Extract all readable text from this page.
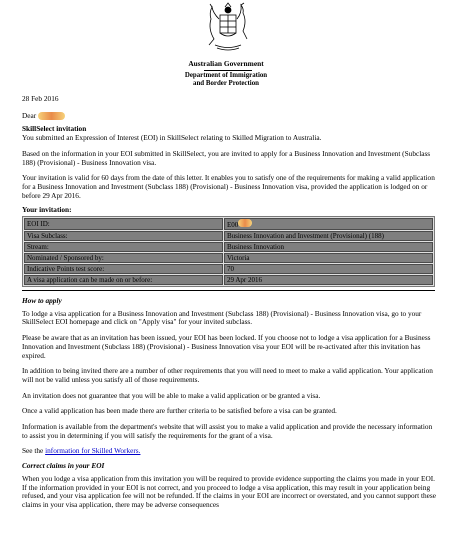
Australian Government
Department of Immigration
and Border Protection
28 Feb 2016
Dear
SkillSelect invitation

You submitted an Expression of Interest (EOI) in SkillSelect relating to Skilled Migration to Australia.

Based on the information in your EOI submitted in SkillSelect, you are invited to apply for a Business Innovation and Investment (Subclass 188) (Provisional) - Business Innovation visa.

Your invitation is valid for 60 days from the date of this letter. It enables you to satisfy one of the requirements for making a valid application for a Business Innovation and Investment (Subclass 188) (Provisional) - Business Innovation visa, provided the application is lodged on or before 29 Apr 2016.

Your invitation:
EOI ID:	E00
Visa Subclass:	Business Innovation and Investment (Provisional) (188)
Stream:	Business Innovation
Nominated / Sponsored by:	Victoria
Indicative Points test score:	70
A visa application can be made on or before:	29 Apr 2016
How to apply

To lodge a visa application for a Business Innovation and Investment (Subclass 188) (Provisional) - Business Innovation visa, go to your SkillSelect EOI homepage and click on "Apply visa" for your invited subclass.

Please be aware that as an invitation has been issued, your EOI has been locked. If you choose not to lodge a visa application for a Business Innovation and Investment (Subclass 188) (Provisional) - Business Innovation visa your EOI will be re-activated after this invitation has expired.

In addition to being invited there are a number of other requirements that you will need to meet to make a valid application. Your application will not be valid unless you satisfy all of those requirements.

An invitation does not guarantee that you will be able to make a valid application or be granted a visa.

Once a valid application has been made there are further criteria to be satisfied before a visa can be granted.

Information is available from the department's website that will assist you to make a valid application and provide the necessary information to assist you in determining if you will satisfy the requirements for the grant of a visa.

See the information for Skilled Workers.

Correct claims in your EOI

When you lodge a visa application from this invitation you will be required to provide evidence supporting the claims you made in your EOI. If the information provided in your EOI is not correct, and you proceed to lodge a visa application, this may result in your application being refused, and your visa application fee will not be refunded. If the claims in your EOI are incorrect or overstated, and you cannot support these claims in your visa application, there may be adverse consequences
